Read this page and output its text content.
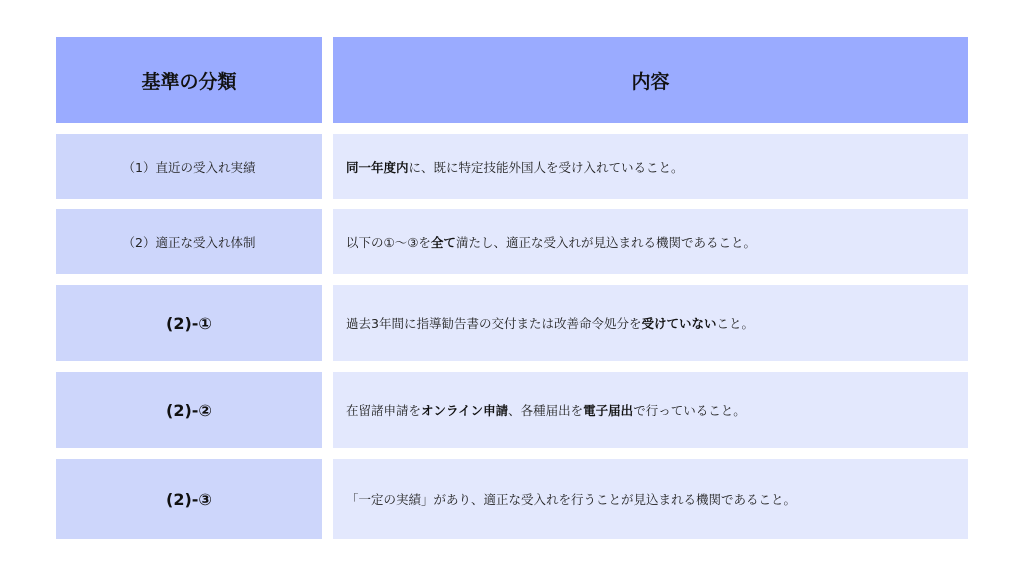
基準の分類	内容
（1）直近の受入れ実績	同一年度内 に、既に特定技能外国人を受け入れていること。
（2）適正な受入れ体制	以下の①〜③を 全て 満たし、適正な受入れが見込まれる機関であること。
(2)-①	過去3年間に指導勧告書の交付または改善命令処分を 受けていない こと。
(2)-②	在留諸申請を オンライン申請 、各種届出を 電子届出 で行っていること。
(2)-③	「一定の実績」があり、適正な受入れを行うことが見込まれる機関であること。
